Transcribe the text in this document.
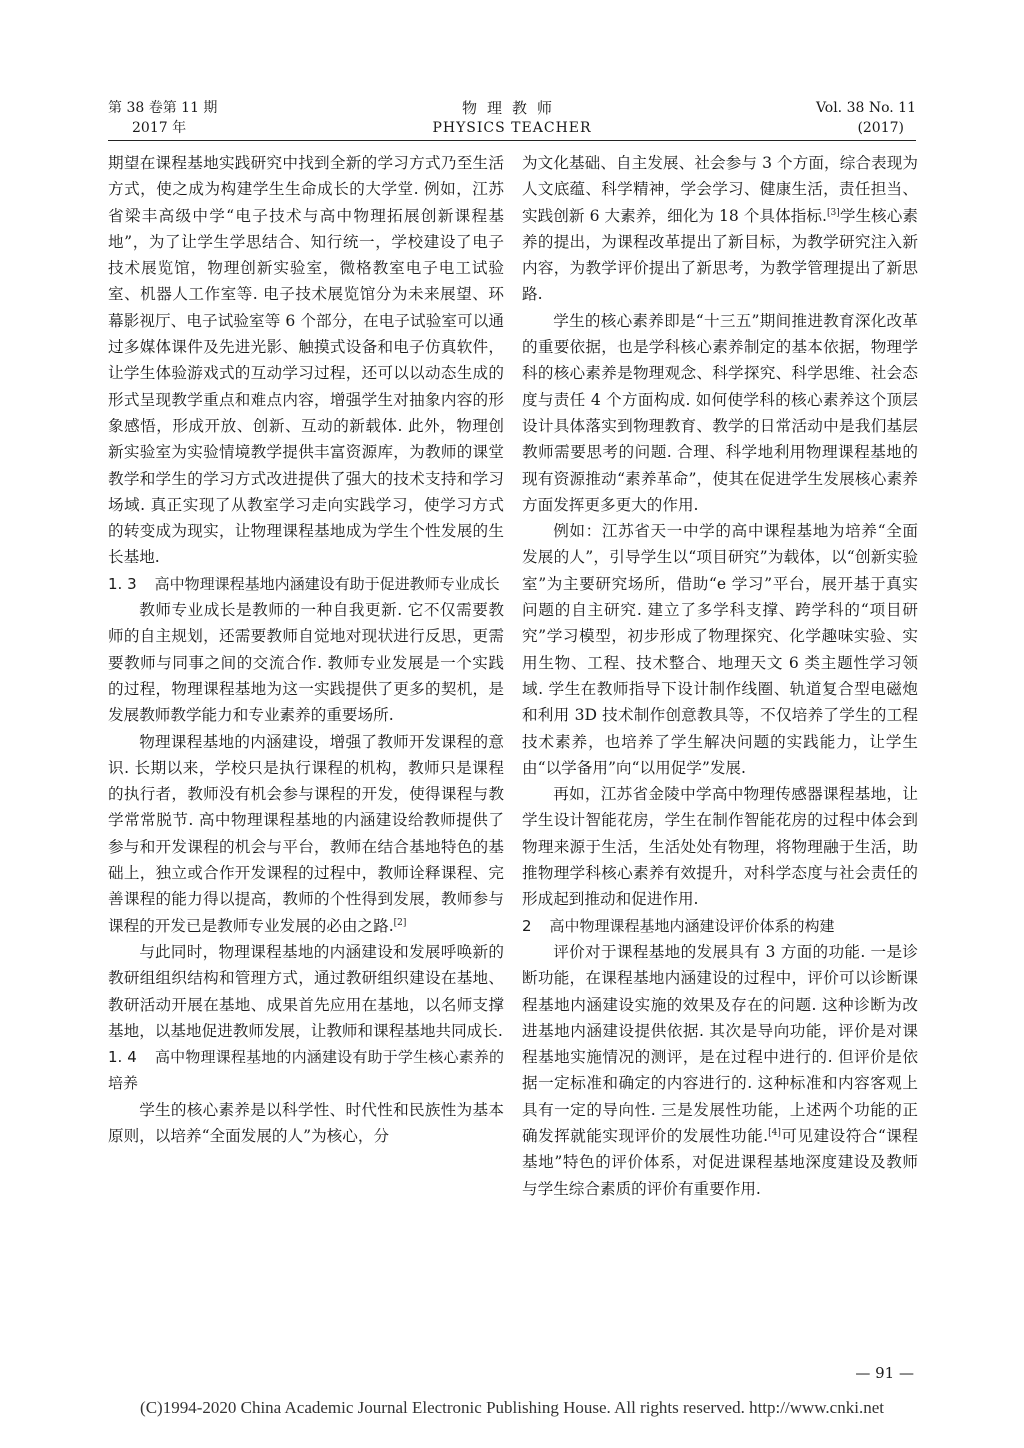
第 38 卷第 11 期
2017 年
物理教师
PHYSICS TEACHER
Vol. 38 No. 11
(2017)

期望在课程基地实践研究中找到全新的学习方式乃至生活方式，使之成为构建学生生命成长的大学堂. 例如，江苏省梁丰高级中学“电子技术与高中物理拓展创新课程基地”，为了让学生学思结合、知行统一，学校建设了电子技术展览馆，物理创新实验室，微格教室电子电工试验室、机器人工作室等. 电子技术展览馆分为未来展望、环幕影视厅、电子试验室等 6 个部分，在电子试验室可以通过多媒体课件及先进光影、触摸式设备和电子仿真软件，让学生体验游戏式的互动学习过程，还可以以动态生成的形式呈现教学重点和难点内容，增强学生对抽象内容的形象感悟，形成开放、创新、互动的新载体. 此外，物理创新实验室为实验情境教学提供丰富资源库，为教师的课堂教学和学生的学习方式改进提供了强大的技术支持和学习场域. 真正实现了从教室学习走向实践学习，使学习方式的转变成为现实，让物理课程基地成为学生个性发展的生长基地.

1. 3 高中物理课程基地内涵建设有助于促进教师专业成长

教师专业成长是教师的一种自我更新. 它不仅需要教师的自主规划，还需要教师自觉地对现状进行反思，更需要教师与同事之间的交流合作. 教师专业发展是一个实践的过程，物理课程基地为这一实践提供了更多的契机，是发展教师教学能力和专业素养的重要场所.

物理课程基地的内涵建设，增强了教师开发课程的意识. 长期以来，学校只是执行课程的机构，教师只是课程的执行者，教师没有机会参与课程的开发，使得课程与教学常常脱节. 高中物理课程基地的内涵建设给教师提供了参与和开发课程的机会与平台，教师在结合基地特色的基础上，独立或合作开发课程的过程中，教师诠释课程、完善课程的能力得以提高，教师的个性得到发展，教师参与课程的开发已是教师专业发展的必由之路.[2]

与此同时，物理课程基地的内涵建设和发展呼唤新的教研组组织结构和管理方式，通过教研组织建设在基地、教研活动开展在基地、成果首先应用在基地，以名师支撑基地，以基地促进教师发展，让教师和课程基地共同成长.

1. 4 高中物理课程基地的内涵建设有助于学生核心素养的培养

学生的核心素养是以科学性、时代性和民族性为基本原则，以培养“全面发展的人”为核心，分

为文化基础、自主发展、社会参与 3 个方面，综合表现为人文底蕴、科学精神，学会学习、健康生活，责任担当、实践创新 6 大素养，细化为 18 个具体指标.[3]学生核心素养的提出，为课程改革提出了新目标，为教学研究注入新内容，为教学评价提出了新思考，为教学管理提出了新思路.

学生的核心素养即是“十三五”期间推进教育深化改革的重要依据，也是学科核心素养制定的基本依据，物理学科的核心素养是物理观念、科学探究、科学思维、社会态度与责任 4 个方面构成. 如何使学科的核心素养这个顶层设计具体落实到物理教育、教学的日常活动中是我们基层教师需要思考的问题. 合理、科学地利用物理课程基地的现有资源推动“素养革命”，使其在促进学生发展核心素养方面发挥更多更大的作用.

例如：江苏省天一中学的高中课程基地为培养“全面发展的人”，引导学生以“项目研究”为载体，以“创新实验室”为主要研究场所，借助“e 学习”平台，展开基于真实问题的自主研究. 建立了多学科支撑、跨学科的“项目研究”学习模型，初步形成了物理探究、化学趣味实验、实用生物、工程、技术整合、地理天文 6 类主题性学习领域. 学生在教师指导下设计制作线圈、轨道复合型电磁炮和利用 3D 技术制作创意教具等，不仅培养了学生的工程技术素养，也培养了学生解决问题的实践能力，让学生由“以学备用”向“以用促学”发展.

再如，江苏省金陵中学高中物理传感器课程基地，让学生设计智能花房，学生在制作智能花房的过程中体会到物理来源于生活，生活处处有物理，将物理融于生活，助推物理学科核心素养有效提升，对科学态度与社会责任的形成起到推动和促进作用.

2 高中物理课程基地内涵建设评价体系的构建

评价对于课程基地的发展具有 3 方面的功能. 一是诊断功能，在课程基地内涵建设的过程中，评价可以诊断课程基地内涵建设实施的效果及存在的问题. 这种诊断为改进基地内涵建设提供依据. 其次是导向功能，评价是对课程基地实施情况的测评，是在过程中进行的. 但评价是依据一定标准和确定的内容进行的. 这种标准和内容客观上具有一定的导向性. 三是发展性功能，上述两个功能的正确发挥就能实现评价的发展性功能.[4]可见建设符合“课程基地”特色的评价体系，对促进课程基地深度建设及教师与学生综合素质的评价有重要作用.

— 91 —
(C)1994-2020 China Academic Journal Electronic Publishing House. All rights reserved. http://www.cnki.net
